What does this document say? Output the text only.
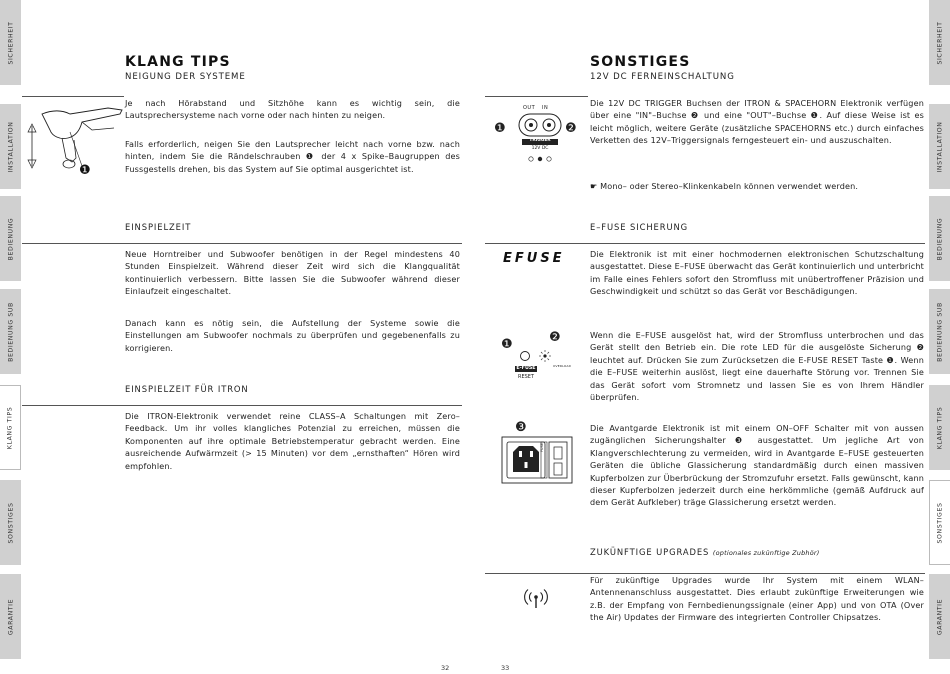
SICHERHEIT
INSTALLATION
BEDIENUNG
BEDIENUNG SUB
KLANG TIPS
SONSTIGES
GARANTIE
KLANG TIPS
NEIGUNG DER SYSTEME
❶
Je nach Hörabstand und Sitzhöhe kann es wichtig sein, die Lautsprechersysteme nach vorne oder nach hinten zu neigen.
Falls erforderlich, neigen Sie den Lautsprecher leicht nach vorne bzw. nach hinten, indem Sie die Rändelschrauben ❶ der 4 x Spike–Baugruppen des Fussgestells drehen, bis das System auf Sie optimal ausgerichtet ist.
EINSPIELZEIT
Neue Horntreiber und Subwoofer benötigen in der Regel mindestens 40 Stunden Einspielzeit. Während dieser Zeit wird sich die Klangqualität kontinuierlich verbessern. Bitte lassen Sie die Subwoofer während dieser Einlaufzeit eingeschaltet.
Danach kann es nötig sein, die Aufstellung der Systeme sowie die Einstellungen am Subwoofer nochmals zu überprüfen und gegebenenfalls zu korrigieren.
EINSPIELZEIT FÜR ITRON
Die ITRON-Elektronik verwendet reine CLASS–A Schaltungen mit Zero–Feedback. Um ihr volles klangliches Potenzial zu erreichen, müssen die Komponenten auf ihre optimale Betriebstemperatur gebracht werden. Eine ausreichende Aufwärmzeit (> 15 Minuten) vor dem „ernsthaften“ Hören wird empfohlen.
32
SICHERHEIT
INSTALLATION
BEDIENUNG
BEDIENUNG SUB
KLANG TIPS
SONSTIGES
GARANTIE
SONSTIGES
12V DC FERNEINSCHALTUNG
OUT IN
TRIGGER
12V DC
❶	❷
Die 12V DC TRIGGER Buchsen der ITRON & SPACEHORN Elektronik verfügen über eine "IN"–Buchse ❷ und eine "OUT"–Buchse ❶. Auf diese Weise ist es leicht möglich, weitere Geräte (zusätzliche SPACEHORNS etc.) durch einfaches Verketten des 12V–Triggersignals ferngesteuert ein- und auszuschalten.
☛ Mono– oder Stereo–Klinkenkabeln können verwendet werden.
E–FUSE SICHERUNG
EFUSE	Die Elektronik ist mit einer hochmodernen elektronischen Schutzschaltung ausgestattet. Diese E–FUSE überwacht das Gerät kontinuierlich und unterbricht im Falle eines Fehlers sofort den Stromfluss mit unübertroffener Präzision und Geschwindigkeit und schützt so das Gerät vor Beschädigungen.
❶	❷
E-FUSE
RESET
OVERLOAD
Wenn die E–FUSE ausgelöst hat, wird der Stromfluss unterbrochen und das Gerät stellt den Betrieb ein. Die rote LED für die ausgelöste Sicherung ❷ leuchtet auf. Drücken Sie zum Zurücksetzen die E-FUSE RESET Taste ❶. Wenn die E–FUSE weiterhin auslöst, liegt eine dauerhafte Störung vor. Trennen Sie das Gerät sofort vom Stromnetz und lassen Sie es von Ihrem Händler überprüfen.
❸
FUSE
Die Avantgarde Elektronik ist mit einem ON–OFF Schalter mit von aussen zugänglichen Sicherungshalter ❸ ausgestattet. Um jegliche Art von Klangverschlechterung zu vermeiden, wird in Avantgarde E–FUSE gesteuerten Geräten die übliche Glassicherung standardmäßig durch einen massiven Kupferbolzen zur Überbrückung der Stromzufuhr ersetzt. Falls gewünscht, kann dieser Kupferbolzen jederzeit durch eine herkömmliche (gemäß Aufdruck auf dem Gerät Aufkleber) träge Glassicherung ersetzt werden.
ZUKÜNFTIGE UPGRADES (optionales zukünftige Zubhör)
Für zukünftige Upgrades wurde Ihr System mit einem WLAN–Antennenanschluss ausgestattet. Dies erlaubt zukünftige Erweiterungen wie z.B. der Empfang von Fernbedienungssignale (einer App) und von OTA (Over the Air) Updates der Firmware des integrierten Controller Chipsatzes.
33
